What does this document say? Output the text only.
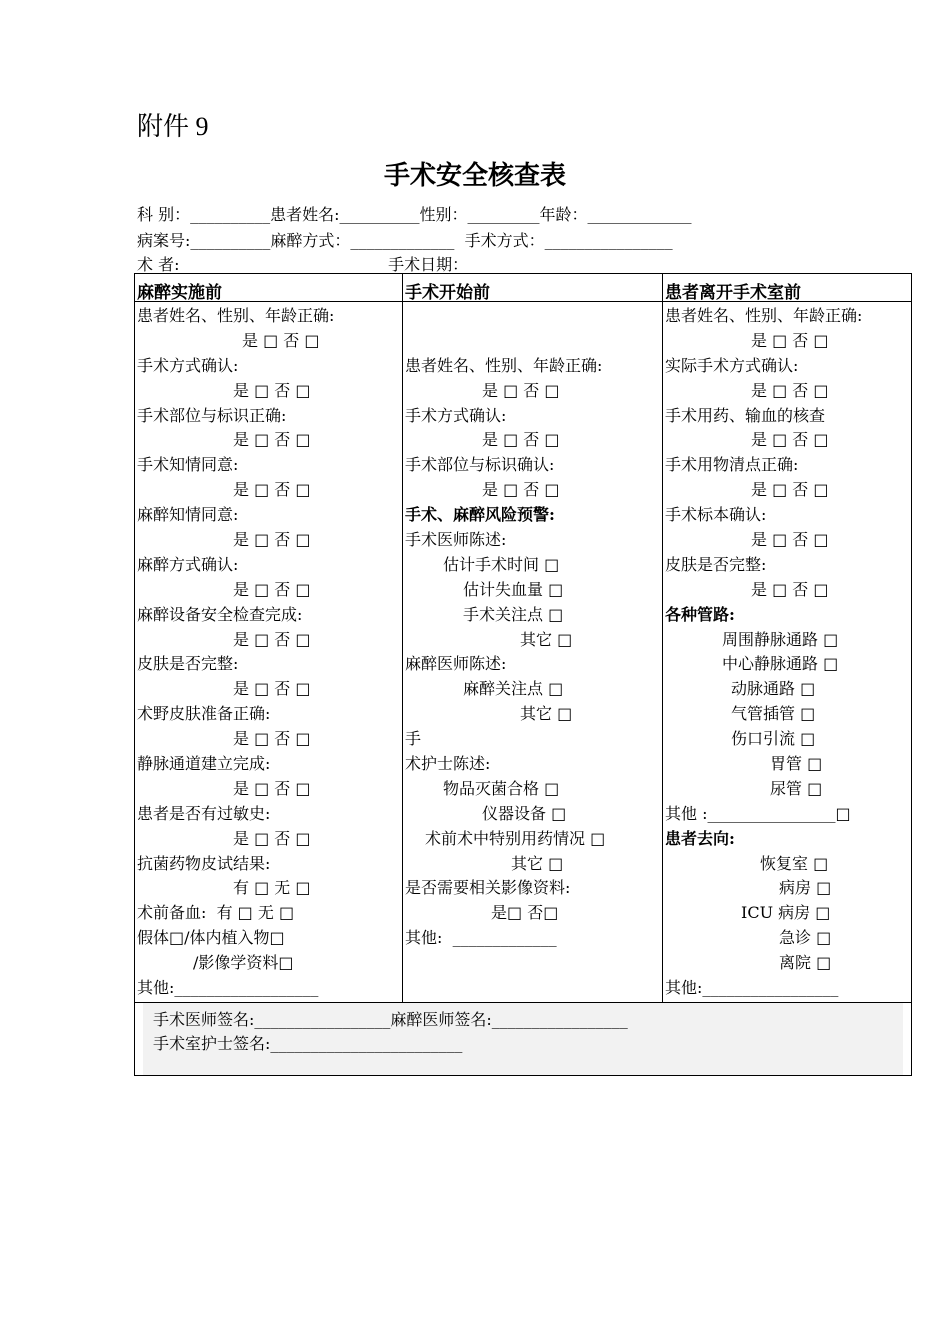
附件 9
手术安全核查表
科 别：__________患者姓名:__________性别：_________年龄：_____________
病案号:__________麻醉方式：_____________  手术方式：________________
术 者:______________                   手术日期：_________________
麻醉实施前	手术开始前	患者离开手术室前
患者姓名、性别、年龄正确:
是 □ 否 □
手术方式确认:
是 □ 否 □
手术部位与标识正确:
是 □ 否 □
手术知情同意:
是 □ 否 □
麻醉知情同意:
是 □ 否 □
麻醉方式确认:
是 □ 否 □
麻醉设备安全检查完成:
是 □ 否 □
皮肤是否完整:
是 □ 否 □
术野皮肤准备正确:
是 □ 否 □
静脉通道建立完成:
是 □ 否 □
患者是否有过敏史:
是 □ 否 □
抗菌药物皮试结果:
有 □ 无 □
术前备血:  有 □ 无 □
假体□/体内植入物□
/影像学资料□
其他:__________________
患者姓名、性别、年龄正确:
是 □ 否 □
手术方式确认:
是 □ 否 □
手术部位与标识确认:
是 □ 否 □
手术、麻醉风险预警:
手术医师陈述:
估计手术时间 □
估计失血量 □
手术关注点 □
其它 □
麻醉医师陈述:
麻醉关注点 □
其它 □
手
术护士陈述:
物品灭菌合格 □
仪器设备 □
术前术中特别用药情况 □
其它 □
是否需要相关影像资料:
是□ 否□
其他:  _____________
患者姓名、性别、年龄正确:
是 □ 否 □
实际手术方式确认:
是 □ 否 □
手术用药、输血的核查
是 □ 否 □
手术用物清点正确:
是 □ 否 □
手术标本确认:
是 □ 否 □
皮肤是否完整:
是 □ 否 □
各种管路:
周围静脉通路 □
中心静脉通路 □
动脉通路 □
气管插管 □
伤口引流 □
胃管 □
尿管 □
其他 :________________□
患者去向:
恢复室 □
病房 □
ICU 病房 □
急诊 □
离院 □
其他:_________________
手术医师签名:_________________麻醉医师签名:_________________
手术室护士签名:________________________
